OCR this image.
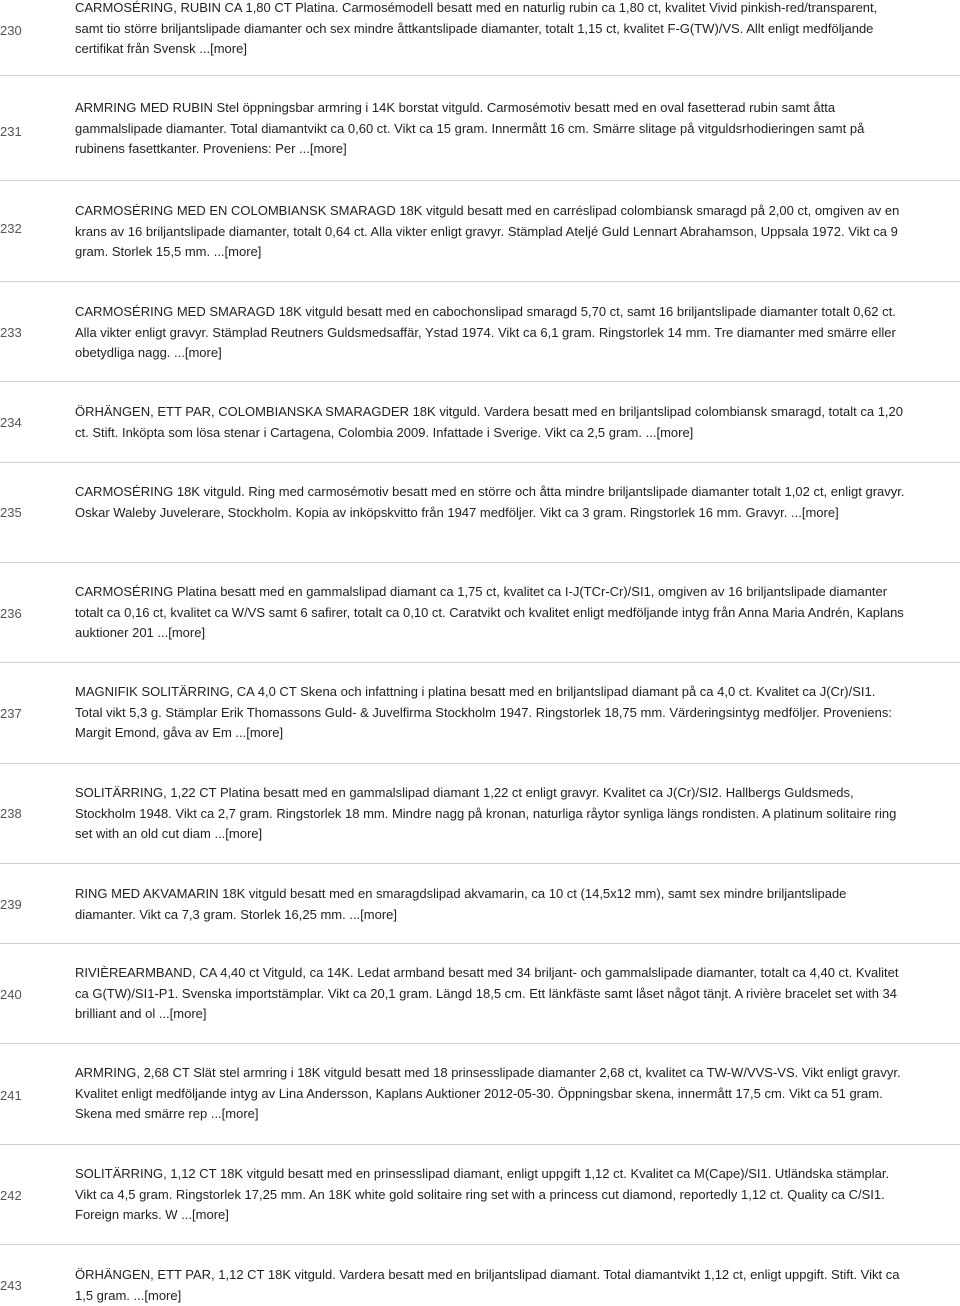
230

CARMOSÉRING, RUBIN CA 1,80 CT Platina. Carmosémodell besatt med en naturlig rubin ca 1,80 ct, kvalitet Vivid pinkish-red/transparent, samt tio större briljantslipade diamanter och sex mindre åttkantslipade diamanter, totalt 1,15 ct, kvalitet F-G(TW)/VS. Allt enligt medföljande certifikat från Svensk ...[more]

231

ARMRING MED RUBIN Stel öppningsbar armring i 14K borstat vitguld. Carmosémotiv besatt med en oval fasetterad rubin samt åtta gammalslipade diamanter. Total diamantvikt ca 0,60 ct. Vikt ca 15 gram. Innermått 16 cm. Smärre slitage på vitguldsrhodieringen samt på rubinens fasettkanter. Proveniens: Per ...[more]

232

CARMOSÉRING MED EN COLOMBIANSK SMARAGD 18K vitguld besatt med en carréslipad colombiansk smaragd på 2,00 ct, omgiven av en krans av 16 briljantslipade diamanter, totalt 0,64 ct. Alla vikter enligt gravyr. Stämplad Ateljé Guld Lennart Abrahamson, Uppsala 1972. Vikt ca 9 gram. Storlek 15,5 mm. ...[more]

233

CARMOSÉRING MED SMARAGD 18K vitguld besatt med en cabochonslipad smaragd 5,70 ct, samt 16 briljantslipade diamanter totalt 0,62 ct. Alla vikter enligt gravyr. Stämplad Reutners Guldsmedsaffär, Ystad 1974. Vikt ca 6,1 gram. Ringstorlek 14 mm. Tre diamanter med smärre eller obetydliga nagg. ...[more]

234

ÖRHÄNGEN, ETT PAR, COLOMBIANSKA SMARAGDER 18K vitguld. Vardera besatt med en briljantslipad colombiansk smaragd, totalt ca 1,20 ct. Stift. Inköpta som lösa stenar i Cartagena, Colombia 2009. Infattade i Sverige. Vikt ca 2,5 gram. ...[more]

235

CARMOSÉRING 18K vitguld. Ring med carmosémotiv besatt med en större och åtta mindre briljantslipade diamanter totalt 1,02 ct, enligt gravyr. Oskar Waleby Juvelerare, Stockholm. Kopia av inköpskvitto från 1947 medföljer. Vikt ca 3 gram. Ringstorlek 16 mm. Gravyr. ...[more]

236

CARMOSÉRING Platina besatt med en gammalslipad diamant ca 1,75 ct, kvalitet ca I-J(TCr-Cr)/SI1, omgiven av 16 briljantslipade diamanter totalt ca 0,16 ct, kvalitet ca W/VS samt 6 safirer, totalt ca 0,10 ct. Caratvikt och kvalitet enligt medföljande intyg från Anna Maria Andrén, Kaplans auktioner 201 ...[more]

237

MAGNIFIK SOLITÄRRING, CA 4,0 CT Skena och infattning i platina besatt med en briljantslipad diamant på ca 4,0 ct. Kvalitet ca J(Cr)/SI1. Total vikt 5,3 g. Stämplar Erik Thomassons Guld- & Juvelfirma Stockholm 1947. Ringstorlek 18,75 mm. Värderingsintyg medföljer. Proveniens: Margit Emond, gåva av Em ...[more]

238

SOLITÄRRING, 1,22 CT Platina besatt med en gammalslipad diamant 1,22 ct enligt gravyr. Kvalitet ca J(Cr)/SI2. Hallbergs Guldsmeds, Stockholm 1948. Vikt ca 2,7 gram. Ringstorlek 18 mm. Mindre nagg på kronan, naturliga råytor synliga längs rondisten. A platinum solitaire ring set with an old cut diam ...[more]

239

RING MED AKVAMARIN 18K vitguld besatt med en smaragdslipad akvamarin, ca 10 ct (14,5x12 mm), samt sex mindre briljantslipade diamanter. Vikt ca 7,3 gram. Storlek 16,25 mm. ...[more]

240

RIVIÈREARMBAND, CA 4,40 ct Vitguld, ca 14K. Ledat armband besatt med 34 briljant- och gammalslipade diamanter, totalt ca 4,40 ct. Kvalitet ca G(TW)/SI1-P1. Svenska importstämplar. Vikt ca 20,1 gram. Längd 18,5 cm. Ett länkfäste samt låset något tänjt. A rivière bracelet set with 34 brilliant and ol ...[more]

241

ARMRING, 2,68 CT Slät stel armring i 18K vitguld besatt med 18 prinsesslipade diamanter 2,68 ct, kvalitet ca TW-W/VVS-VS. Vikt enligt gravyr. Kvalitet enligt medföljande intyg av Lina Andersson, Kaplans Auktioner 2012-05-30. Öppningsbar skena, innermått 17,5 cm. Vikt ca 51 gram. Skena med smärre rep ...[more]

242

SOLITÄRRING, 1,12 CT 18K vitguld besatt med en prinsesslipad diamant, enligt uppgift 1,12 ct. Kvalitet ca M(Cape)/SI1. Utländska stämplar. Vikt ca 4,5 gram. Ringstorlek 17,25 mm. An 18K white gold solitaire ring set with a princess cut diamond, reportedly 1,12 ct. Quality ca C/SI1. Foreign marks. W ...[more]

243

ÖRHÄNGEN, ETT PAR, 1,12 CT 18K vitguld. Vardera besatt med en briljantslipad diamant. Total diamantvikt 1,12 ct, enligt uppgift. Stift. Vikt ca 1,5 gram. ...[more]
